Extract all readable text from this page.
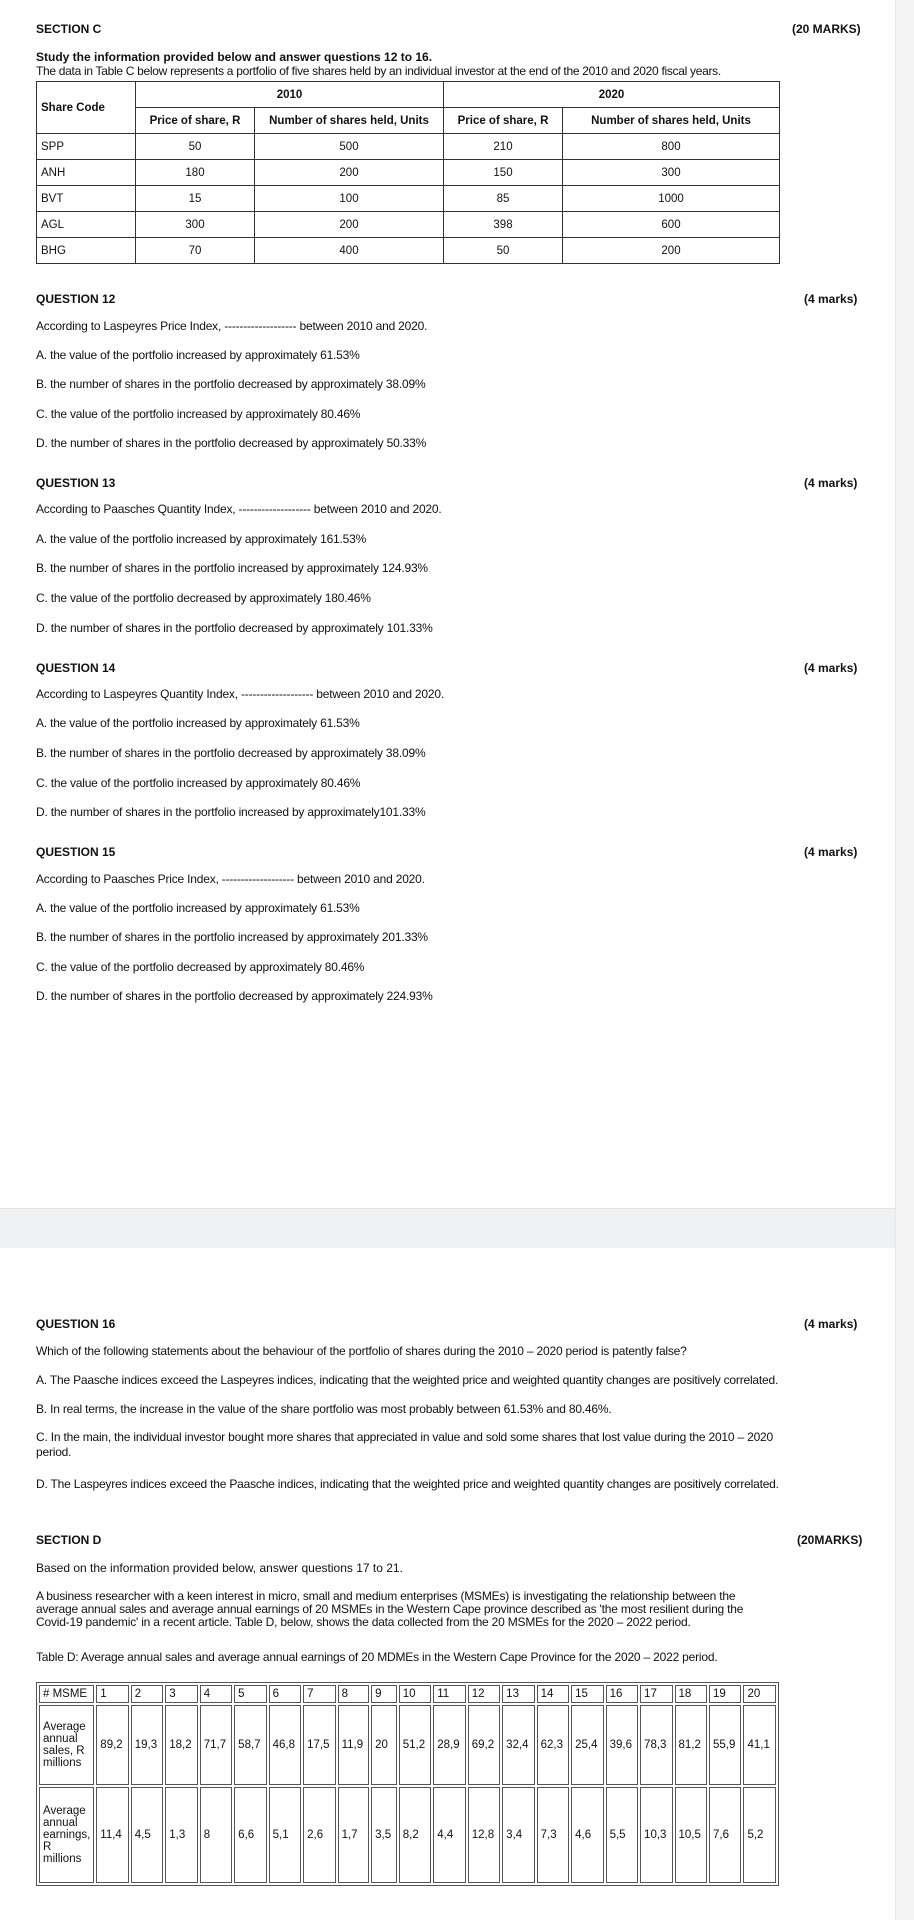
SECTION C	(20 MARKS)
Study the information provided below and answer questions 12 to 16.
The data in Table C below represents a portfolio of five shares held by an individual investor at the end of the 2010 and 2020 fiscal years.
Share Code	2010		2020	
	Price of share, R	Number of shares held, Units	Price of share, R	Number of shares held, Units
SPP	50	500	210	800
ANH	180	200	150	300
BVT	15	100	85	1000
AGL	300	200	398	600
BHG	70	400	50	200
QUESTION 12	(4 marks)
According to Laspeyres Price Index, ------------------- between 2010 and 2020.
A. the value of the portfolio increased by approximately 61.53%
B. the number of shares in the portfolio decreased by approximately 38.09%
C. the value of the portfolio increased by approximately 80.46%
D. the number of shares in the portfolio decreased by approximately 50.33%
QUESTION 13	(4 marks)
According to Paasches Quantity Index, ------------------- between 2010 and 2020.
A. the value of the portfolio increased by approximately 161.53%
B. the number of shares in the portfolio increased by approximately 124.93%
C. the value of the portfolio decreased by approximately 180.46%
D. the number of shares in the portfolio decreased by approximately 101.33%
QUESTION 14	(4 marks)
According to Laspeyres Quantity Index, ------------------- between 2010 and 2020.
A. the value of the portfolio increased by approximately 61.53%
B. the number of shares in the portfolio decreased by approximately 38.09%
C. the value of the portfolio increased by approximately 80.46%
D. the number of shares in the portfolio increased by approximately101.33%
QUESTION 15	(4 marks)
According to Paasches Price Index, ------------------- between 2010 and 2020.
A. the value of the portfolio increased by approximately 61.53%
B. the number of shares in the portfolio increased by approximately 201.33%
C. the value of the portfolio decreased by approximately 80.46%
D. the number of shares in the portfolio decreased by approximately 224.93%
QUESTION 16	(4 marks)
Which of the following statements about the behaviour of the portfolio of shares during the 2010 – 2020 period is patently false?
A. The Paasche indices exceed the Laspeyres indices, indicating that the weighted price and weighted quantity changes are positively correlated.
B. In real terms, the increase in the value of the share portfolio was most probably between 61.53% and 80.46%.
C. In the main, the individual investor bought more shares that appreciated in value and sold some shares that lost value during the 2010 – 2020 period.
D. The Laspeyres indices exceed the Paasche indices, indicating that the weighted price and weighted quantity changes are positively correlated.
SECTION D	(20MARKS)
Based on the information provided below, answer questions 17 to 21.
A business researcher with a keen interest in micro, small and medium enterprises (MSMEs) is investigating the relationship between the average annual sales and average annual earnings of 20 MSMEs in the Western Cape province described as 'the most resilient during the Covid-19 pandemic' in a recent article. Table D, below, shows the data collected from the 20 MSMEs for the 2020 – 2022 period.
Table D: Average annual sales and average annual earnings of 20 MDMEs in the Western Cape Province for the 2020 – 2022 period.
# MSME	1	2	3	4	5	6	7	8	9	10	11	12	13	14	15	16	17	18	19	20
Average annual sales, R millions	89,2	19,3	18,2	71,7	58,7	46,8	17,5	11,9	20	51,2	28,9	69,2	32,4	62,3	25,4	39,6	78,3	81,2	55,9	41,1
Average annual earnings, R millions	11,4	4,5	1,3	8	6,6	5,1	2,6	1,7	3,5	8,2	4,4	12,8	3,4	7,3	4,6	5,5	10,3	10,5	7,6	5,2
